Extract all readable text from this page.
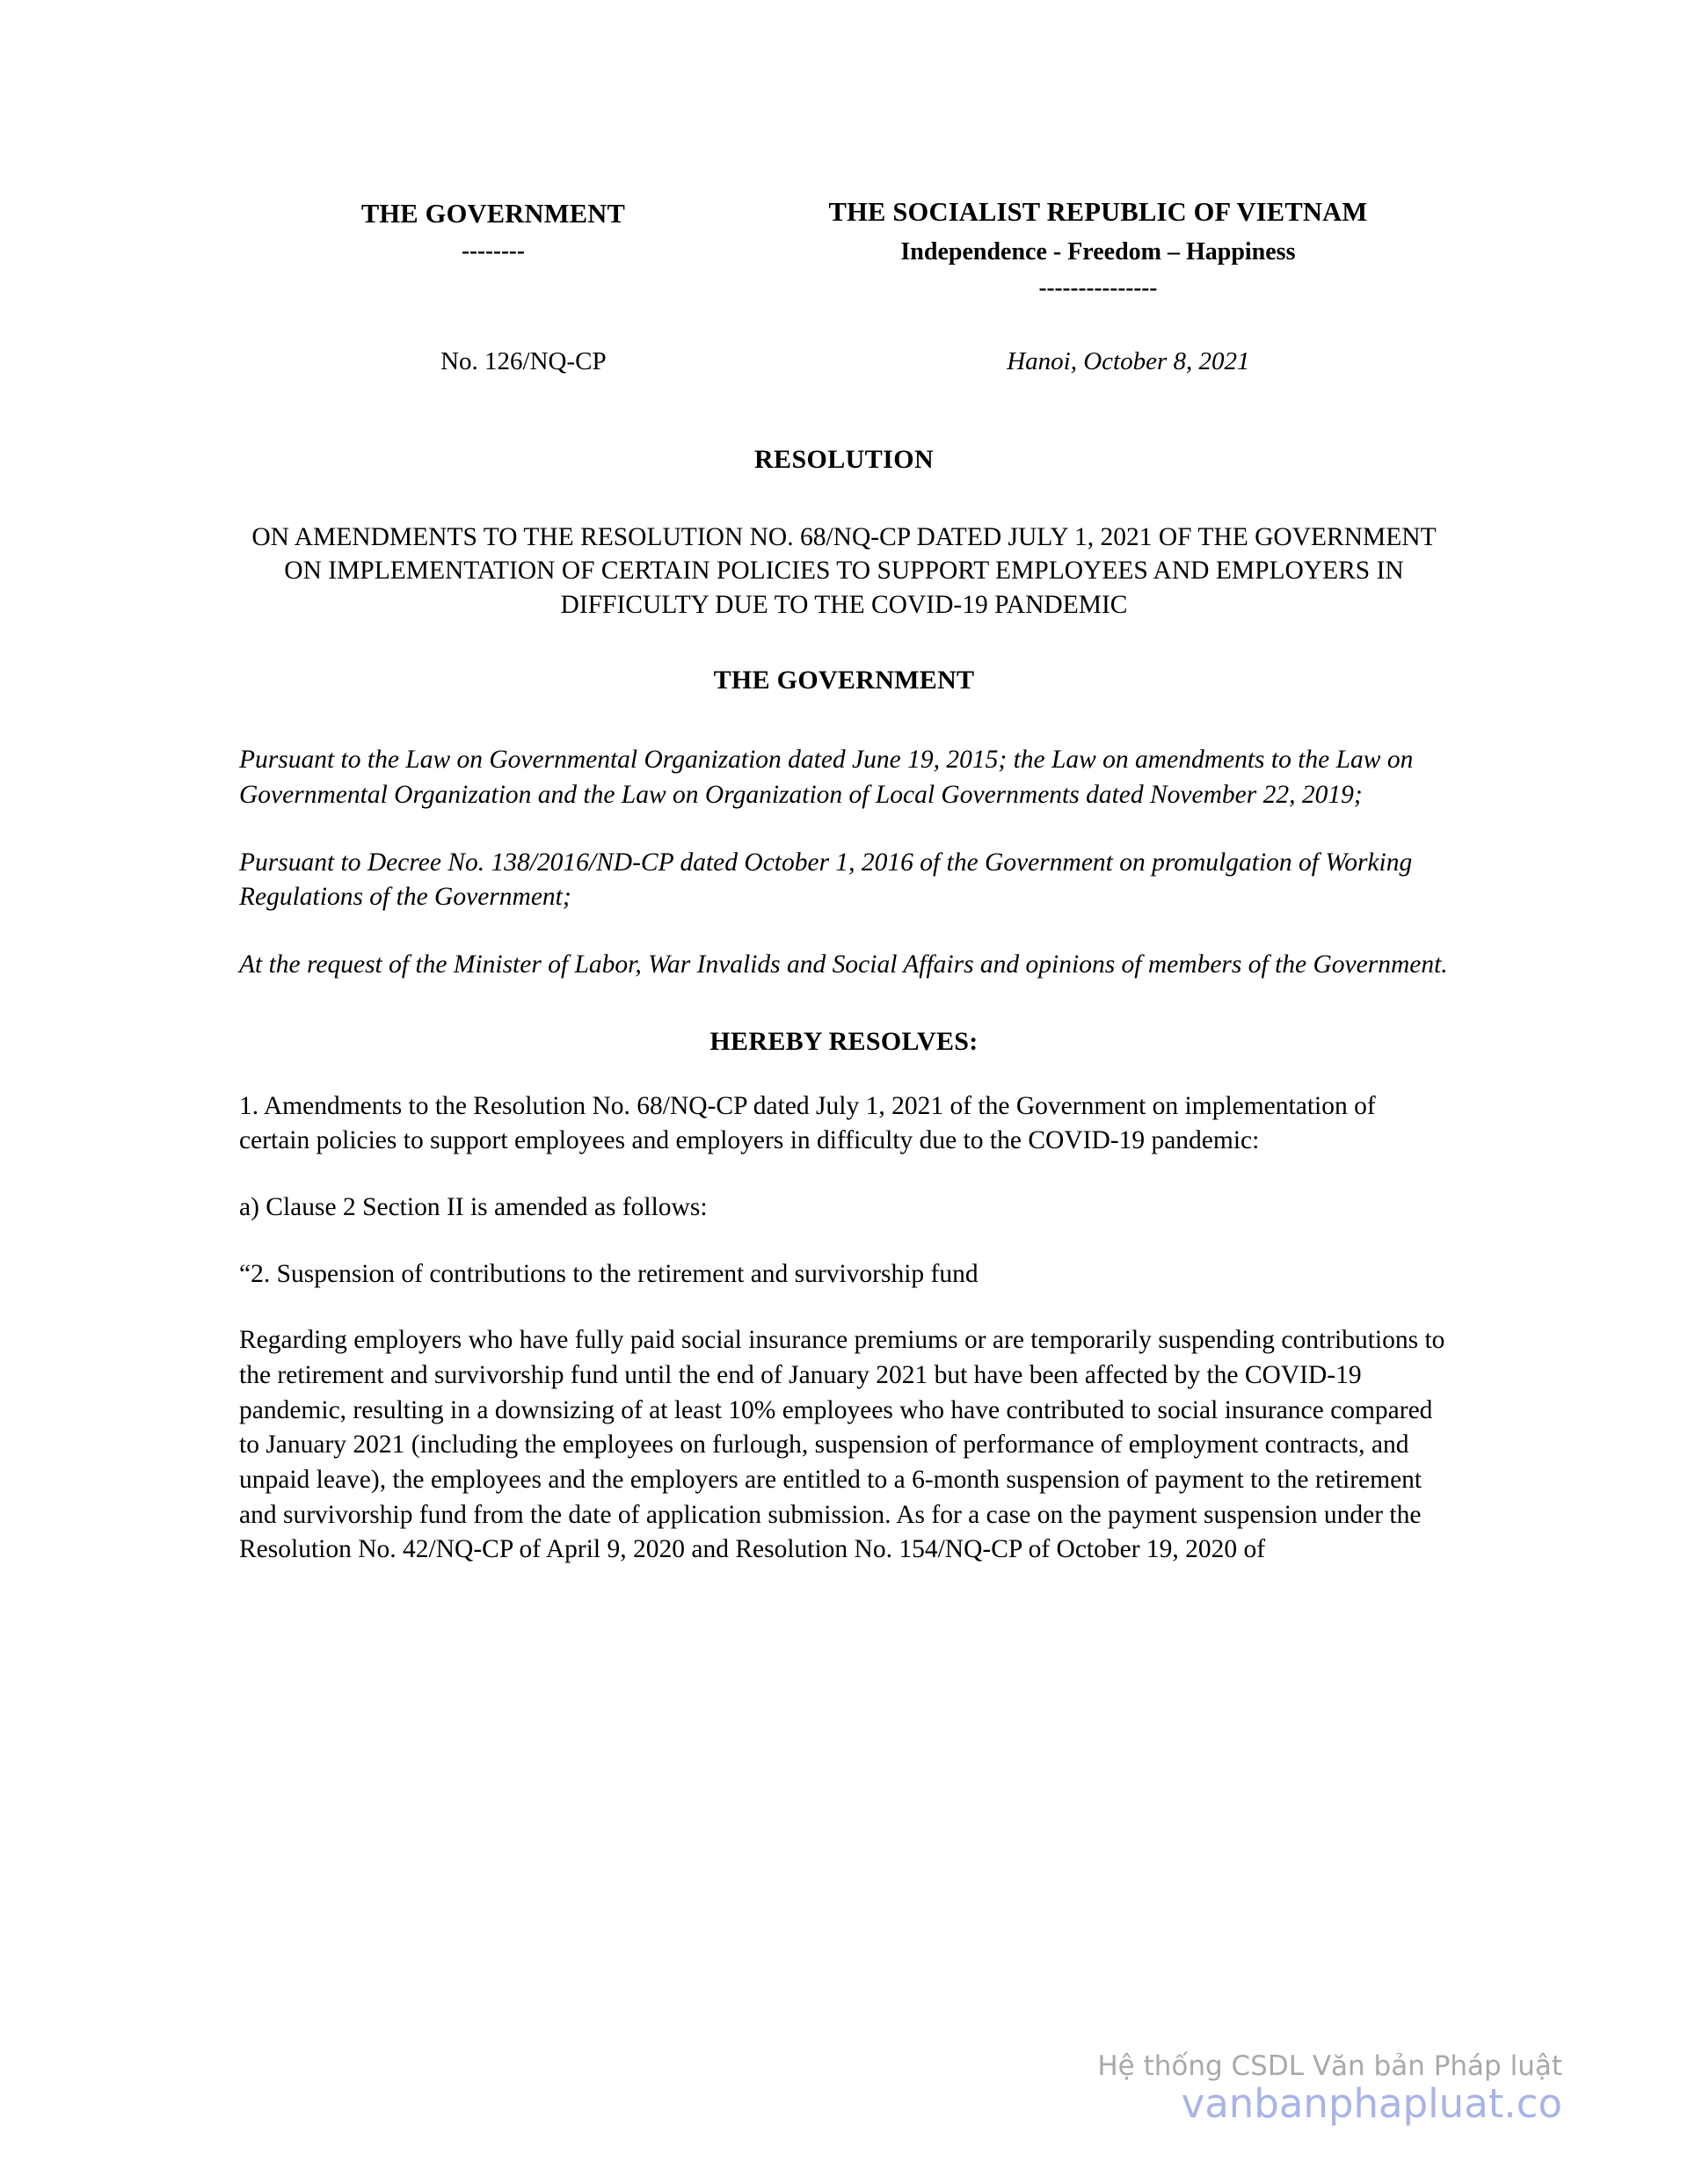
THE GOVERNMENT
--------
THE SOCIALIST REPUBLIC OF VIETNAM
Independence - Freedom – Happiness
---------------
No. 126/NQ-CP	Hanoi, October 8, 2021
RESOLUTION
ON AMENDMENTS TO THE RESOLUTION NO. 68/NQ-CP DATED JULY 1, 2021 OF THE GOVERNMENT ON IMPLEMENTATION OF CERTAIN POLICIES TO SUPPORT EMPLOYEES AND EMPLOYERS IN DIFFICULTY DUE TO THE COVID-19 PANDEMIC
THE GOVERNMENT
Pursuant to the Law on Governmental Organization dated June 19, 2015; the Law on amendments to the Law on Governmental Organization and the Law on Organization of Local Governments dated November 22, 2019;
Pursuant to Decree No. 138/2016/ND-CP dated October 1, 2016 of the Government on promulgation of Working Regulations of the Government;
At the request of the Minister of Labor, War Invalids and Social Affairs and opinions of members of the Government.
HEREBY RESOLVES:
1. Amendments to the Resolution No. 68/NQ-CP dated July 1, 2021 of the Government on implementation of certain policies to support employees and employers in difficulty due to the COVID-19 pandemic:
a) Clause 2 Section II is amended as follows:
“2. Suspension of contributions to the retirement and survivorship fund
Regarding employers who have fully paid social insurance premiums or are temporarily suspending contributions to the retirement and survivorship fund until the end of January 2021 but have been affected by the COVID-19 pandemic, resulting in a downsizing of at least 10% employees who have contributed to social insurance compared to January 2021 (including the employees on furlough, suspension of performance of employment contracts, and unpaid leave), the employees and the employers are entitled to a 6-month suspension of payment to the retirement and survivorship fund from the date of application submission. As for a case on the payment suspension under the Resolution No. 42/NQ-CP of April 9, 2020 and Resolution No. 154/NQ-CP of October 19, 2020 of
Hệ thống CSDL Văn bản Pháp luật
vanbanphapluat.co
